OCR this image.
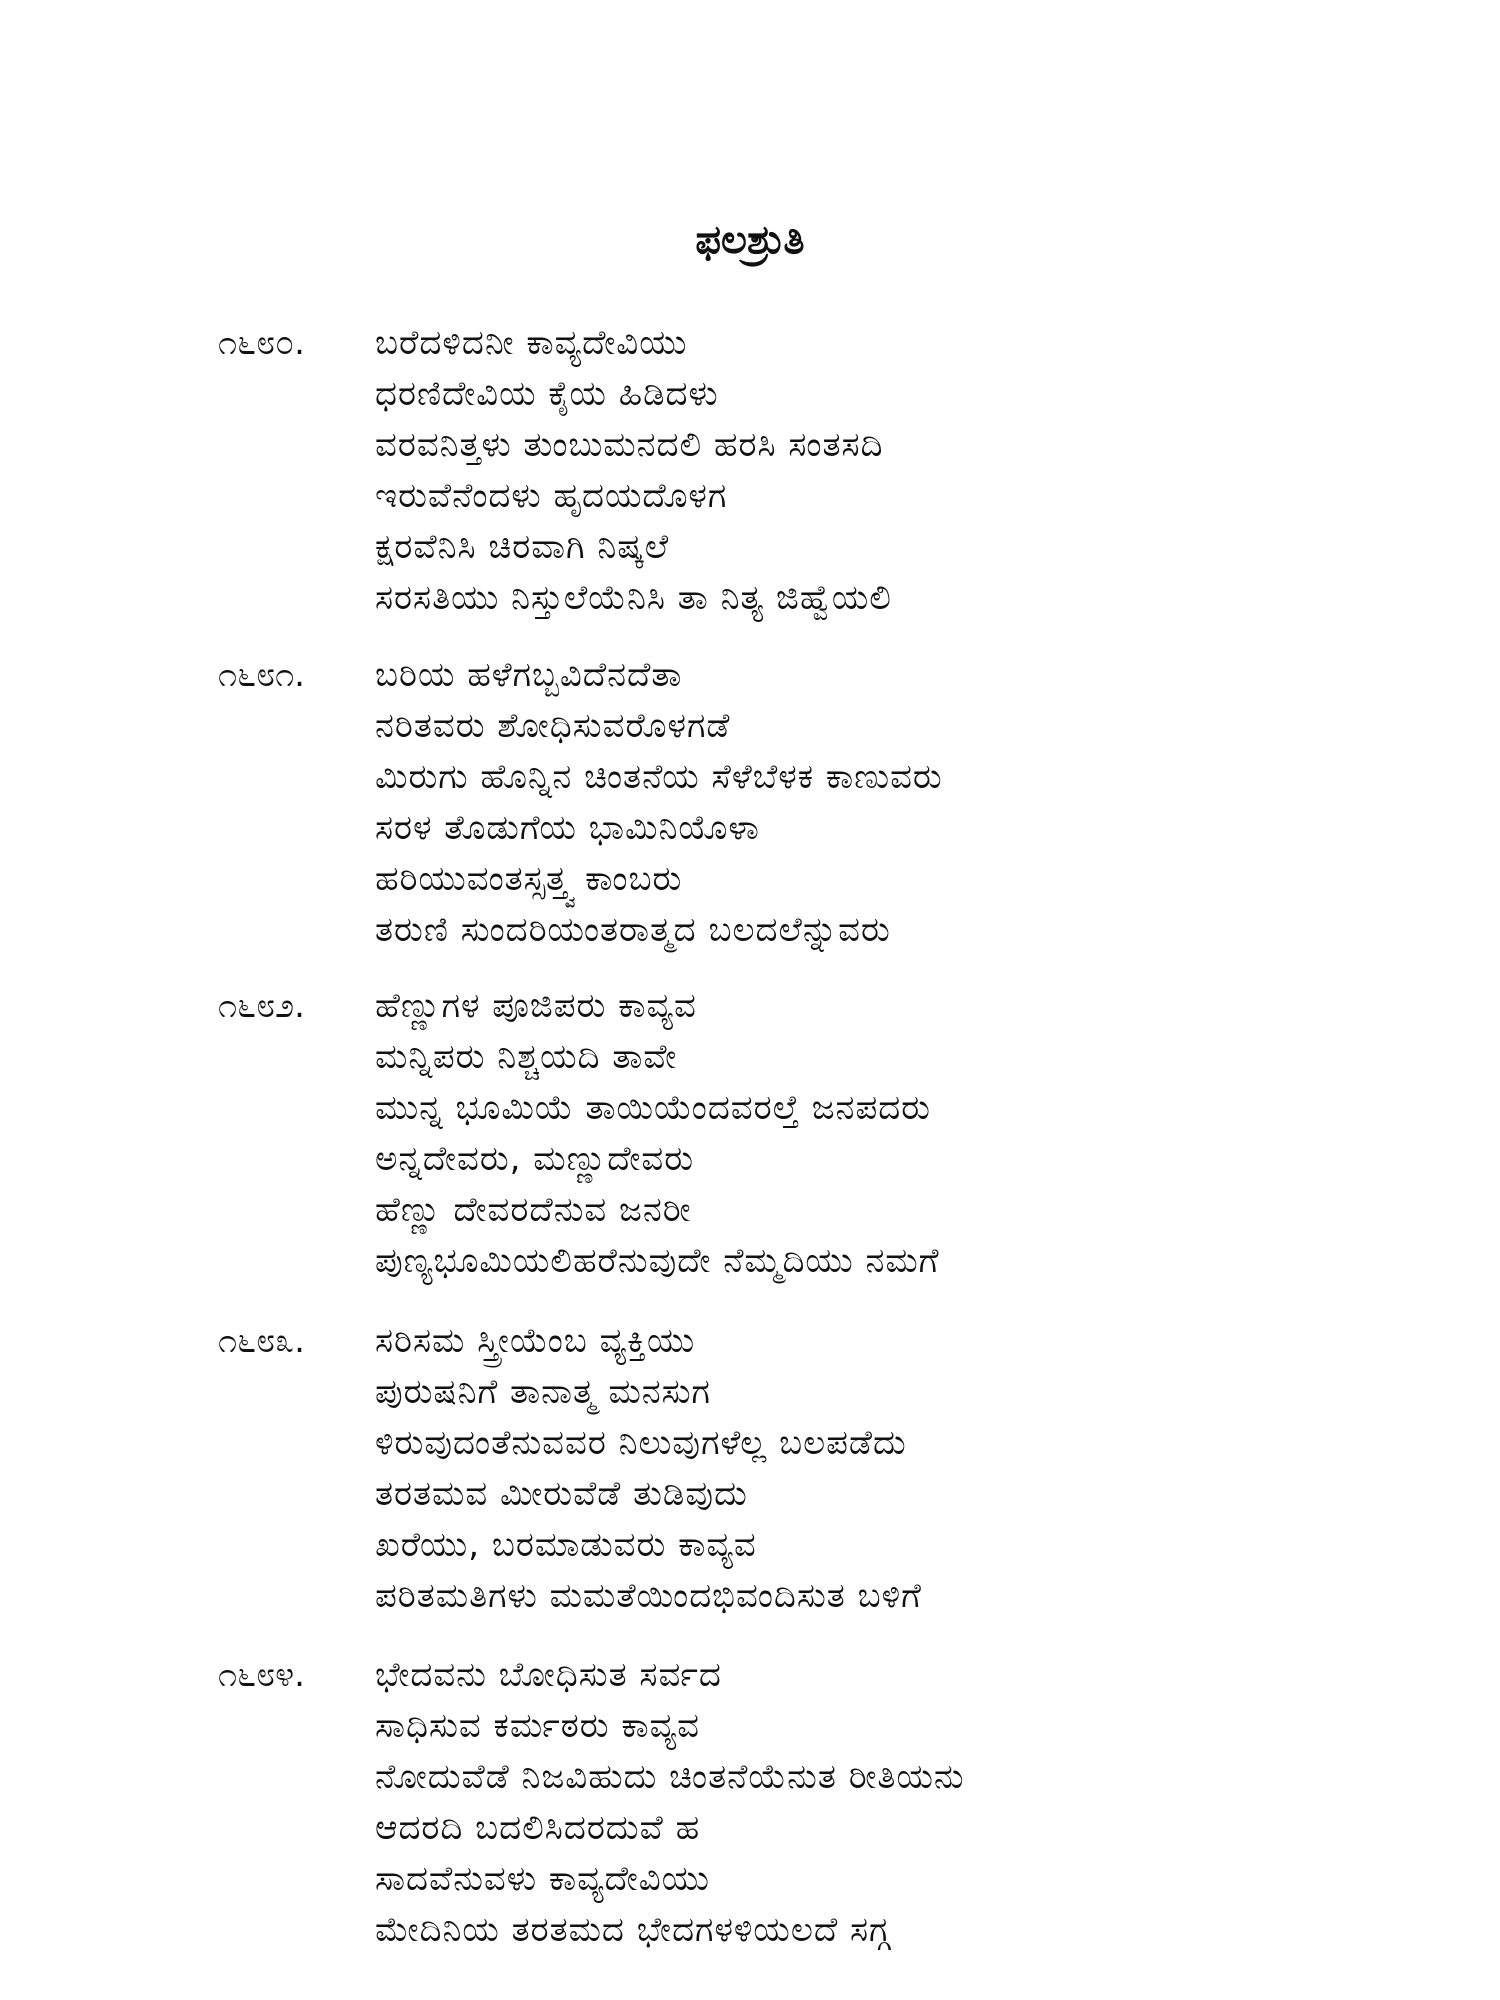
ಫಲಶ್ರುತಿ
೧೬೮೦.	ಬರೆದಳಿದನೀ ಕಾವ್ಯದೇವಿಯು
ಧರಣಿದೇವಿಯ ಕೈಯ ಹಿಡಿದಳು
ವರವನಿತ್ತಳು ತುಂಬುಮನದಲಿ ಹರಸಿ ಸಂತಸದಿ
ಇರುವೆನೆಂದಳು ಹೃದಯದೊಳಗ
ಕ್ಷರವೆನಿಸಿ ಚಿರವಾಗಿ ನಿಷ್ಕಲೆ
ಸರಸತಿಯು ನಿಸ್ತುಲೆಯೆನಿಸಿ ತಾ ನಿತ್ಯ ಜಿಹ್ವೆಯಲಿ
೧೬೮೧.	ಬರಿಯ ಹಳೆಗಬ್ಬವಿದೆನದೆತಾ
ನರಿತವರು ಶೋಧಿಸುವರೊಳಗಡೆ
ಮಿರುಗು ಹೊನ್ನಿನ ಚಿಂತನೆಯ ಸೆಳೆಬೆಳಕ ಕಾಣುವರು
ಸರಳ ತೊಡುಗೆಯ ಭಾಮಿನಿಯೊಳಾ
ಹರಿಯುವಂತಸ್ಸತ್ತ್ವ ಕಾಂಬರು
ತರುಣಿ ಸುಂದರಿಯಂತರಾತ್ಮದ ಬಲದಲೆನ್ನುವರು
೧೬೮೨.	ಹೆಣ್ಣುಗಳ ಪೂಜಿಪರು ಕಾವ್ಯವ
ಮನ್ನಿಪರು ನಿಶ್ಚಯದಿ ತಾವೇ
ಮುನ್ನ ಭೂಮಿಯೆ ತಾಯಿಯೆಂದವರಲ್ತೆ ಜನಪದರು
ಅನ್ನದೇವರು, ಮಣ್ಣುದೇವರು
ಹೆಣ್ಣು ದೇವರದೆನುವ ಜನರೀ
ಪುಣ್ಯಭೂಮಿಯಲಿಹರೆನುವುದೇ ನೆಮ್ಮದಿಯು ನಮಗೆ
೧೬೮೩.	ಸರಿಸಮ ಸ್ತ್ರೀಯೆಂಬ ವ್ಯಕ್ತಿಯು
ಪುರುಷನಿಗೆ ತಾನಾತ್ಮ ಮನಸುಗ
ಳಿರುವುದಂತೆನುವವರ ನಿಲುವುಗಳೆಲ್ಲ ಬಲಪಡೆದು
ತರತಮವ ಮೀರುವೆಡೆ ತುಡಿವುದು
ಖರೆಯು, ಬರಮಾಡುವರು ಕಾವ್ಯವ
ಪರಿತಮತಿಗಳು ಮಮತೆಯಿಂದಭಿವಂದಿಸುತ ಬಳಿಗೆ
೧೬೮೪.	ಭೇದವನು ಬೋಧಿಸುತ ಸರ್ವದ
ಸಾಧಿಸುವ ಕರ್ಮಠರು ಕಾವ್ಯವ
ನೋದುವೆಡೆ ನಿಜವಿಹುದು ಚಿಂತನೆಯೆನುತ ರೀತಿಯನು
ಆದರದಿ ಬದಲಿಸಿದರದುವೆ ಹ
ಸಾದವೆನುವಳು ಕಾವ್ಯದೇವಿಯು
ಮೇದಿನಿಯ ತರತಮದ ಭೇದಗಳಳಿಯಲದೆ ಸಗ್ಗ
